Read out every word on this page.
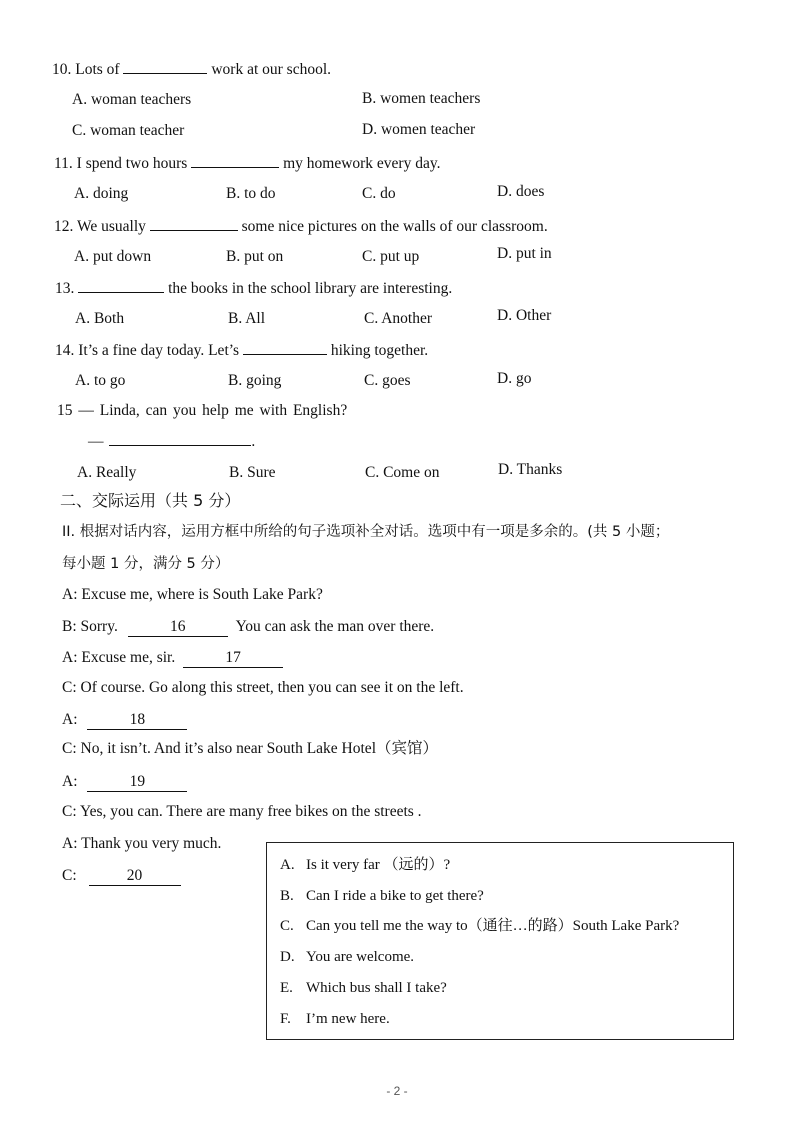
10. Lots of	work at our school.
A. woman teachers	B. women teachers
C. woman teacher	D. women teacher
11. I spend two hours	my homework every day.
A. doing	B. to do	C. do	D. does
12. We usually	some nice pictures on the walls of our classroom.
A. put down	B. put on	C. put up	D. put in
13.	the books in the school library are interesting.
A. Both	B. All	C. Another	D. Other
14. It’s a fine day today. Let’s	hiking together.
A. to go	B. going	C. goes	D. go
15 — Linda, can you help me with English?
—	.
A. Really	B. Sure	C. Come on	D. Thanks
二、交际运用（共 5 分）
II. 根据对话内容，运用方框中所给的句子选项补全对话。选项中有一项是多余的。(共 5 小题；
每小题 1 分，满分 5 分）
A: Excuse me, where is South Lake Park?
B: Sorry.	16	You can ask the man over there.
A: Excuse me, sir.	17
C: Of course. Go along this street, then you can see it on the left.
A:	18
C: No, it isn’t. And it’s also near South Lake Hotel（宾馆）
A:	19
C: Yes, you can. There are many free bikes on the streets .
A: Thank you very much.
C:	20
A. Is it very far （远的）?
B. Can I ride a bike to get there?
C. Can you tell me the way to（通往…的路）South Lake Park?
D. You are welcome.
E. Which bus shall I take?
F. I’m new here.
- 2 -
